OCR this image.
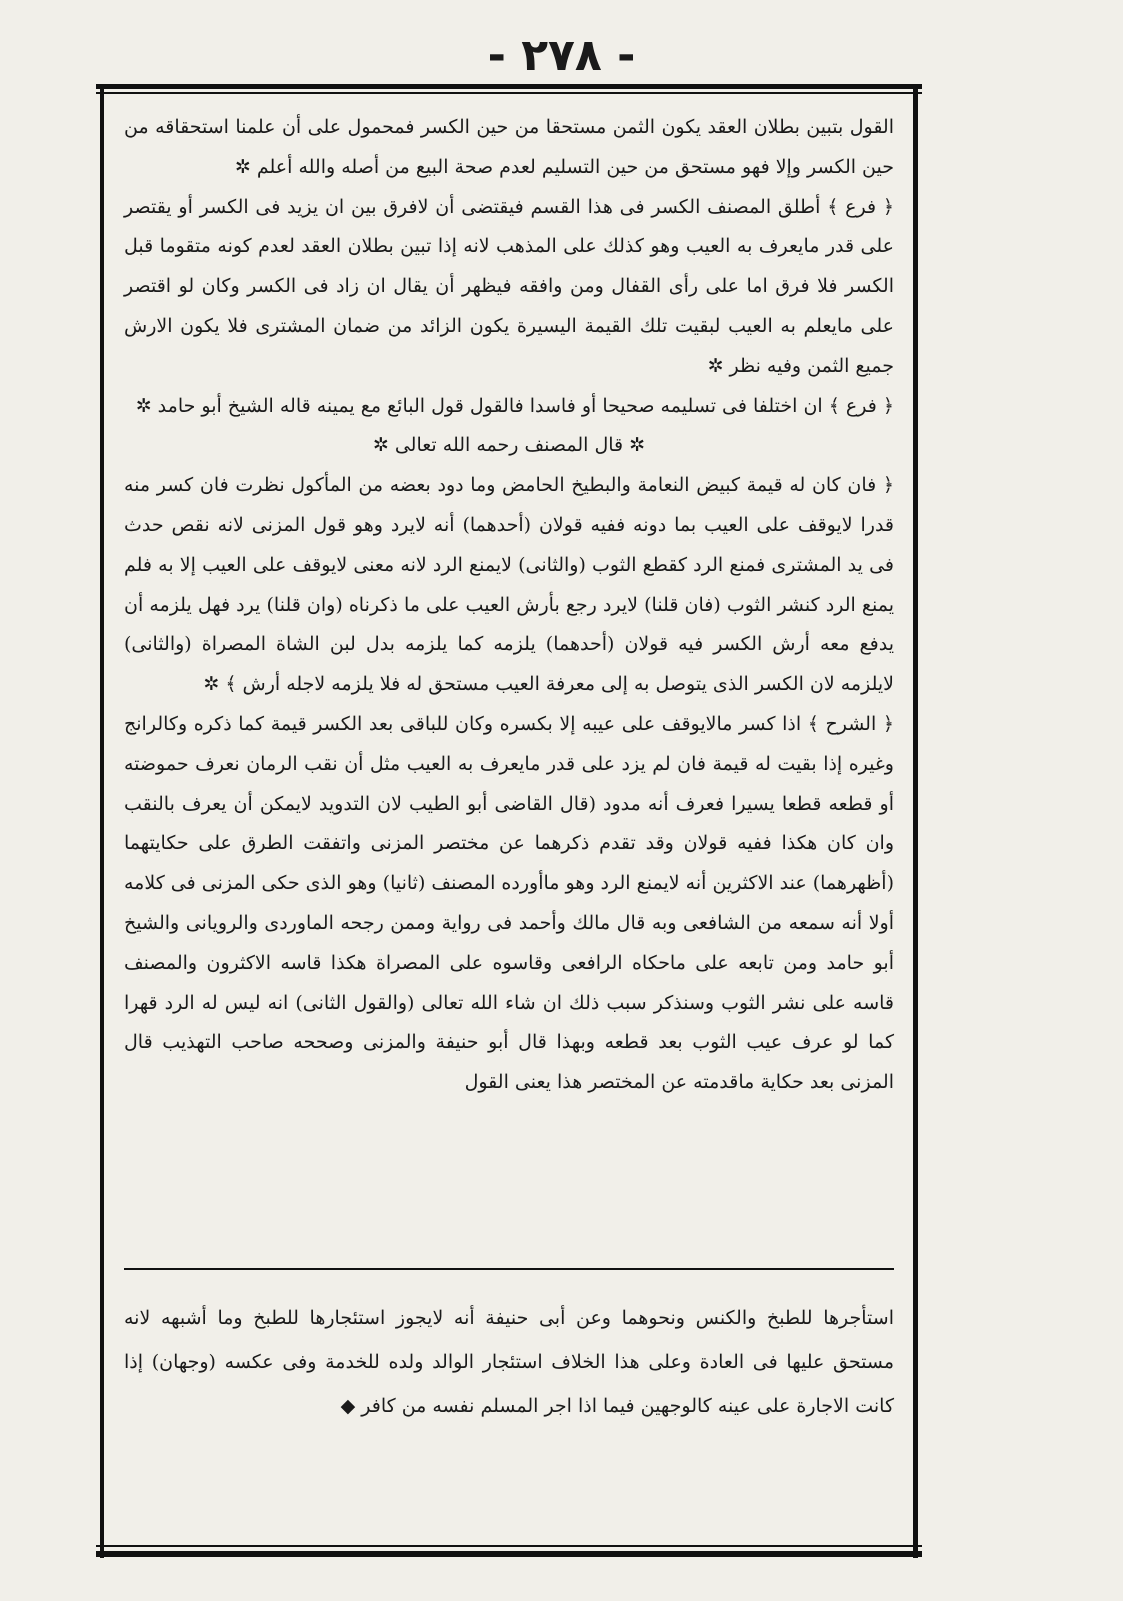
- ٢٧٨ -

القول بتبين بطلان العقد يكون الثمن مستحقا من حين الكسر فمحمول على أن علمنا استحقاقه من حين الكسر وإلا فهو مستحق من حين التسليم لعدم صحة البيع من أصله والله أعلم ✲

﴿ فرع ﴾ أطلق المصنف الكسر فى هذا القسم فيقتضى أن لافرق بين ان يزيد فى الكسر أو يقتصر على قدر مايعرف به العيب وهو كذلك على المذهب لانه إذا تبين بطلان العقد لعدم كونه متقوما قبل الكسر فلا فرق اما على رأى القفال ومن وافقه فيظهر أن يقال ان زاد فى الكسر وكان لو اقتصر على مايعلم به العيب لبقيت تلك القيمة اليسيرة يكون الزائد من ضمان المشترى فلا يكون الارش جميع الثمن وفيه نظر ✲

﴿ فرع ﴾ ان اختلفا فى تسليمه صحيحا أو فاسدا فالقول قول البائع مع يمينه قاله الشيخ أبو حامد ✲

✲ قال المصنف رحمه الله تعالى ✲

﴿ فان كان له قيمة كبيض النعامة والبطيخ الحامض وما دود بعضه من المأكول نظرت فان كسر منه قدرا لايوقف على العيب بما دونه ففيه قولان (أحدهما) أنه لايرد وهو قول المزنى لانه نقص حدث فى يد المشترى فمنع الرد كقطع الثوب (والثانى) لايمنع الرد لانه معنى لايوقف على العيب إلا به فلم يمنع الرد كنشر الثوب (فان قلنا) لايرد رجع بأرش العيب على ما ذكرناه (وان قلنا) يرد فهل يلزمه أن يدفع معه أرش الكسر فيه قولان (أحدهما) يلزمه كما يلزمه بدل لبن الشاة المصراة (والثانى) لايلزمه لان الكسر الذى يتوصل به إلى معرفة العيب مستحق له فلا يلزمه لاجله أرش ﴾ ✲

﴿ الشرح ﴾ اذا كسر مالايوقف على عيبه إلا بكسره وكان للباقى بعد الكسر قيمة كما ذكره وكالرانج وغيره إذا بقيت له قيمة فان لم يزد على قدر مايعرف به العيب مثل أن نقب الرمان نعرف حموضته أو قطعه قطعا يسيرا فعرف أنه مدود (قال القاضى أبو الطيب لان التدويد لايمكن أن يعرف بالنقب وان كان هكذا ففيه قولان وقد تقدم ذكرهما عن مختصر المزنى واتفقت الطرق على حكايتهما (أظهرهما) عند الاكثرين أنه لايمنع الرد وهو ماأورده المصنف (ثانيا) وهو الذى حكى المزنى فى كلامه أولا أنه سمعه من الشافعى وبه قال مالك وأحمد فى رواية وممن رجحه الماوردى والرويانى والشيخ أبو حامد ومن تابعه على ماحكاه الرافعى وقاسوه على المصراة هكذا قاسه الاكثرون والمصنف قاسه على نشر الثوب وسنذكر سبب ذلك ان شاء الله تعالى (والقول الثانى) انه ليس له الرد قهرا كما لو عرف عيب الثوب بعد قطعه وبهذا قال أبو حنيفة والمزنى وصححه صاحب التهذيب قال المزنى بعد حكاية ماقدمته عن المختصر هذا يعنى القول

استأجرها للطبخ والكنس ونحوهما وعن أبى حنيفة أنه لايجوز استئجارها للطبخ وما أشبهه لانه مستحق عليها فى العادة وعلى هذا الخلاف استئجار الوالد ولده للخدمة وفى عكسه (وجهان) إذا كانت الاجارة على عينه كالوجهين فيما اذا اجر المسلم نفسه من كافر ◆
